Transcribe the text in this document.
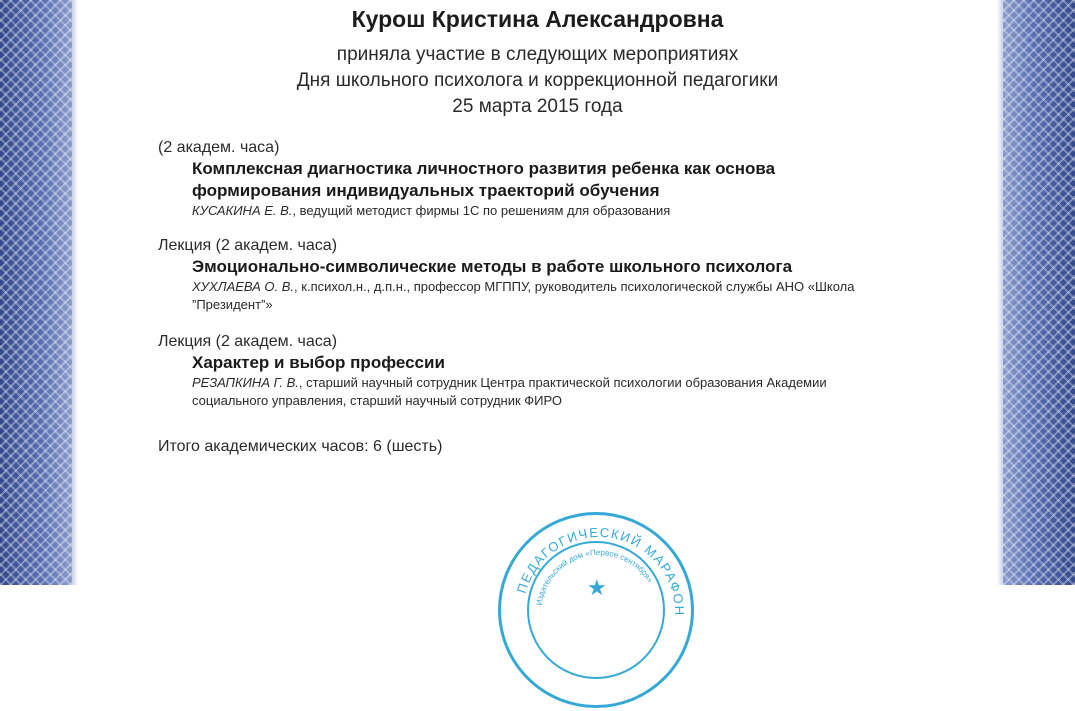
Курош Кристина Александровна
приняла участие в следующих мероприятиях
Дня школьного психолога и коррекционной педагогики
25 марта 2015 года
(2 академ. часа)
Комплексная диагностика личностного развития ребенка как основа
формирования индивидуальных траекторий обучения
КУСАКИНА Е. В., ведущий методист фирмы 1С по решениям для образования
Лекция (2 академ. часа)
Эмоционально-символические методы в работе школьного психолога
ХУХЛАЕВА О. В., к.психол.н., д.п.н., профессор МГППУ, руководитель психологической службы АНО «Школа
”Президент”»
Лекция (2 академ. часа)
Характер и выбор профессии
РЕЗАПКИНА Г. В., старший научный сотрудник Центра практической психологии образования Академии
социального управления, старший научный сотрудник ФИРО
Итого академических часов: 6 (шесть)
ПЕДАГОГИЧЕСКИЙ МАРАФОН
Издательский дом «Первое сентября»
★
